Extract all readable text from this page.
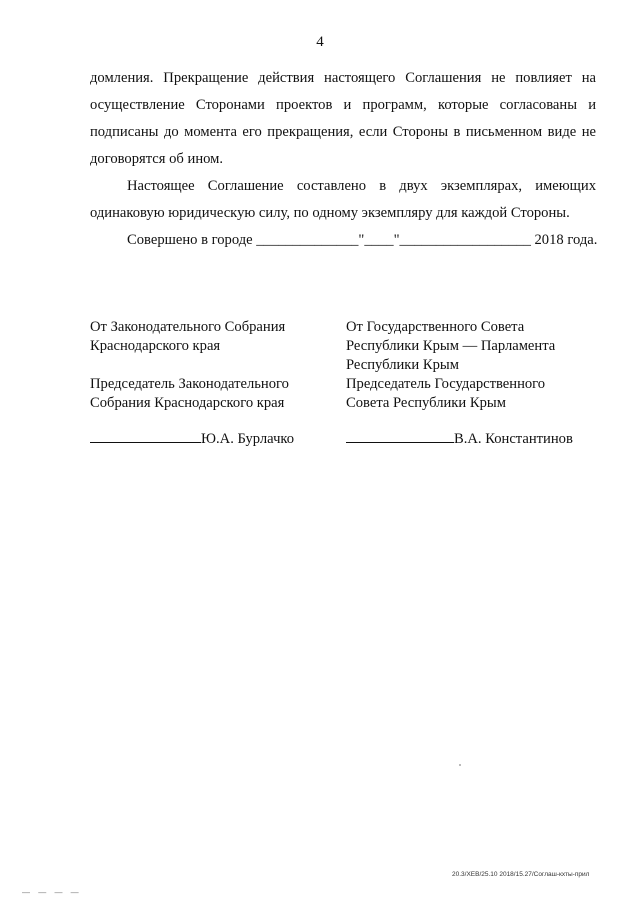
4

домления. Прекращение действия настоящего Соглашения не повлияет на осуществление Сторонами проектов и программ, которые согласованы и подписаны до момента его прекращения, если Стороны в письменном виде не договорятся об ином.

Настоящее Соглашение составлено в двух экземплярах, имеющих одинаковую юридическую силу, по одному экземпляру для каждой Стороны.

Совершено в городе ______________"____"__________________ 2018 года.

От Законодательного Собрания
Краснодарского края
Председатель Законодательного
Собрания Краснодарского края
Ю.А. Бурлачко
От Государственного Совета
Республики Крым — Парламента
Республики Крым
Председатель Государственного
Совета Республики Крым
В.А. Константинов
20.3/ХЕВ/25.10 2018/15.27/Соглаш-кхты-прил
— — — —
